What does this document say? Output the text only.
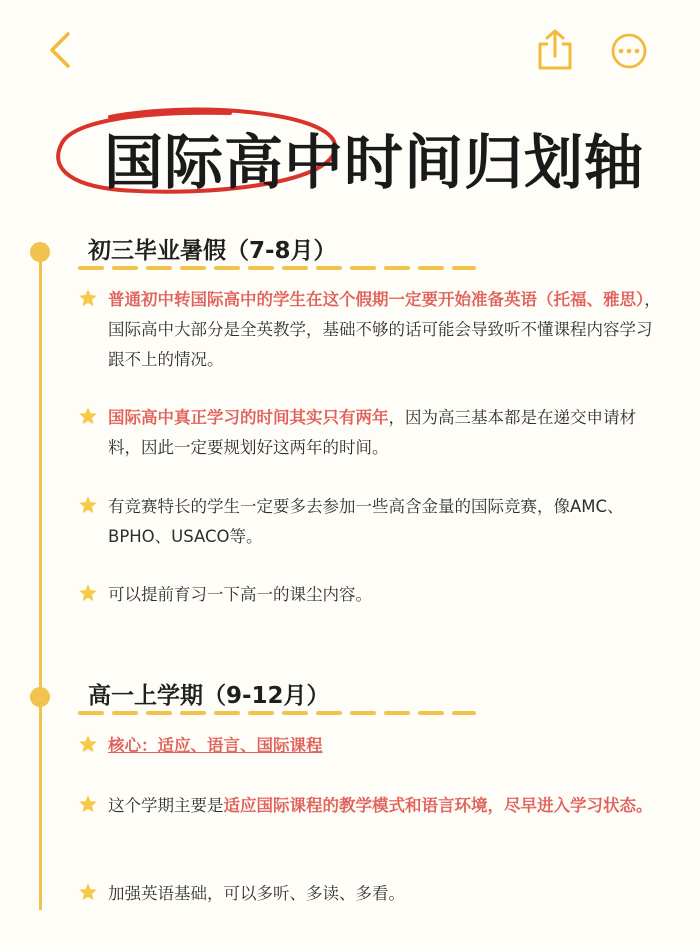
国际高中时间归划轴
初三毕业暑假（7-8月）
普通初中转国际高中的学生在这个假期一定要开始准备英语（托福、雅思），国际高中大部分是全英教学，基础不够的话可能会导致听不懂课程内容学习跟不上的情况。
国际高中真正学习的时间其实只有两年，因为高三基本都是在递交申请材料，因此一定要规划好这两年的时间。
有竞赛特长的学生一定要多去参加一些高含金量的国际竞赛，像AMC、BPHO、USACO等。
可以提前育习一下高一的课尘内容。
高一上学期（9-12月）
核心：适应、语言、国际课程
这个学期主要是适应国际课程的教学模式和语言环境，尽早进入学习状态。
加强英语基础，可以多听、多读、多看。
